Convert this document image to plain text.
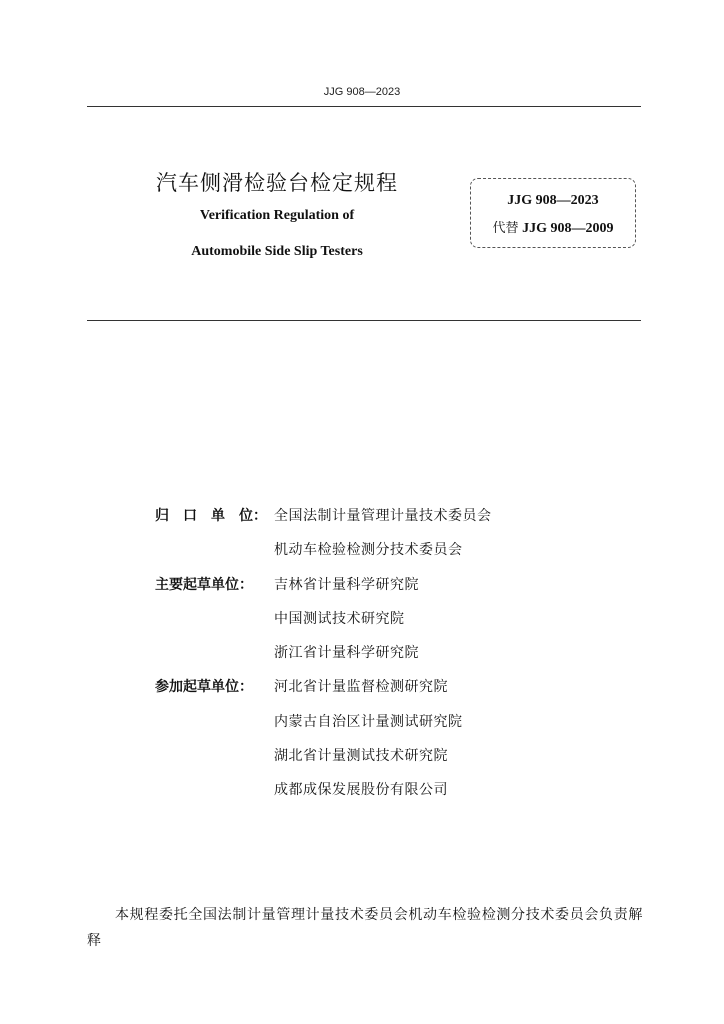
JJG 908—2023
汽车侧滑检验台检定规程
Verification Regulation of
Automobile Side Slip Testers
JJG 908—2023
代替 JJG 908—2009
归　口　单　位： 全国法制计量管理计量技术委员会
机动车检验检测分技术委员会
主要起草单位： 吉林省计量科学研究院
中国测试技术研究院
浙江省计量科学研究院
参加起草单位： 河北省计量监督检测研究院
内蒙古自治区计量测试研究院
湖北省计量测试技术研究院
成都成保发展股份有限公司
本规程委托全国法制计量管理计量技术委员会机动车检验检测分技术委员会负责解释
